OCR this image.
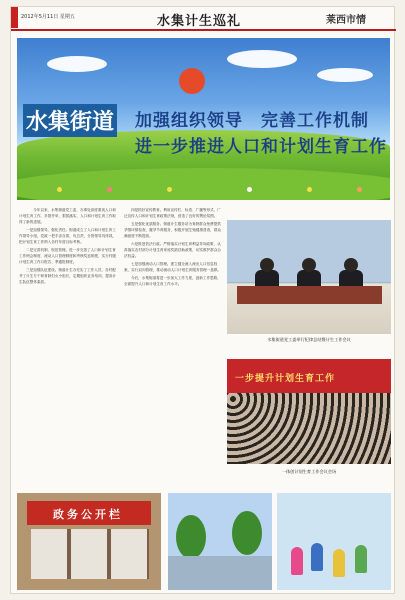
2012年5月11日 星期五	水集计生巡礼	莱西市情
水集街道 加强组织领导　完善工作机制
进一步推进人口和计划生育工作
　　今年以来，水集街道党工委、办事处高度重视人口和计划生育工作，多措并举，狠抓落实，人口和计划生育工作取得了新的进展。
一是加强领导，强化责任。街道成立了人口和计划生育工作领导小组，党政一把手亲自抓、负总责，分管领导具体抓，把计划生育工作纳入各村年度目标考核。
二是完善机制，规范管理。进一步完善了人口和计划生育工作例会制度、流动人口管理制度和考核奖惩制度，实行村级计划生育工作月报告、季通报制度。
三是加强队伍建设。街道计生办充实了工作人员，各村配齐了计生专干和育龄妇女小组长，定期组织业务培训，提高计生队伍整体素质。
四是抓好宣传教育。利用宣传栏、标语、广播等形式，广泛宣传人口和计划生育政策法规，营造了良好的舆论氛围。
五是强化优质服务。街道计生服务站为育龄群众免费提供孕情环情检查、避孕节育服务，积极开展生殖健康普查，群众满意度不断提高。
六是推进依法行政。严格落实计划生育利益导向政策，认真落实农村部分计划生育家庭奖励扶助政策，切实维护群众合法权益。
七是加强流动人口管理。建立健全流入流出人口信息档案，实行双向管理，推动流动人口计划生育服务管理一盘棋。
今后，水集街道将进一步加大工作力度，创新工作思路，全面提升人口和计划生育工作水平。
水集街道党工委举行纪律总结暨计生工作会议
一步提升计划生育工作
一体创计划生育工作会议会场
政务公开栏
